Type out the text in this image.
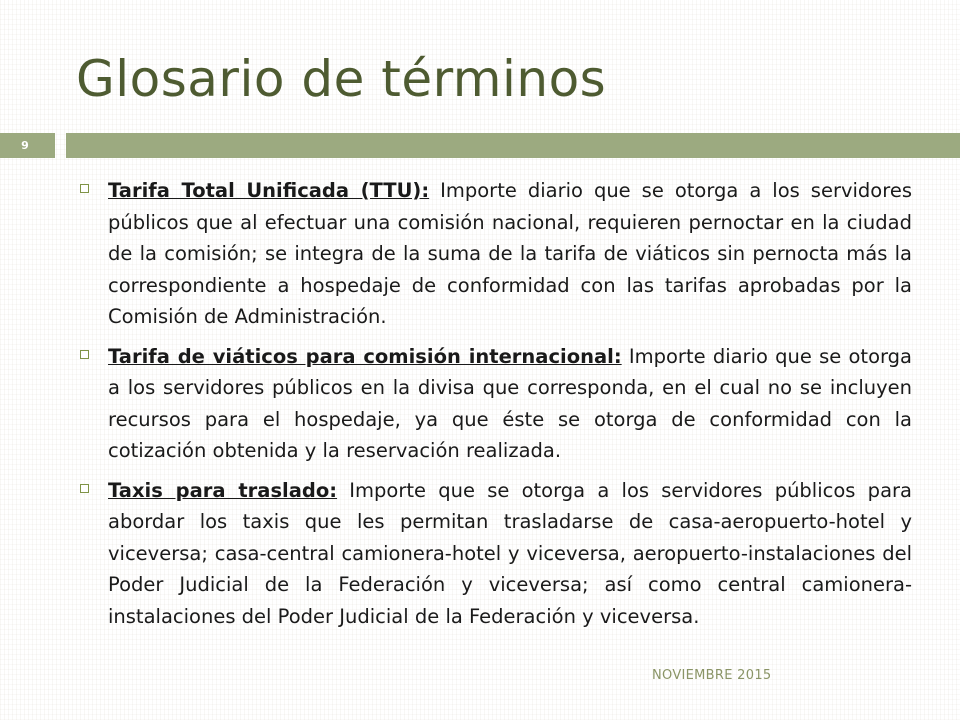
Glosario de términos
9
Tarifa Total Unificada (TTU): Importe diario que se otorga a los servidores públicos que al efectuar una comisión nacional, requieren pernoctar en la ciudad de la comisión; se integra de la suma de la tarifa de viáticos sin pernocta más la correspondiente a hospedaje de conformidad con las tarifas aprobadas por la Comisión de Administración.
Tarifa de viáticos para comisión internacional: Importe diario que se otorga a los servidores públicos en la divisa que corresponda, en el cual no se incluyen recursos para el hospedaje, ya que éste se otorga de conformidad con la cotización obtenida y la reservación realizada.
Taxis para traslado: Importe que se otorga a los servidores públicos para abordar los taxis que les permitan trasladarse de casa-aeropuerto-hotel y viceversa; casa-central camionera-hotel y viceversa, aeropuerto-instalaciones del Poder Judicial de la Federación y viceversa; así como central camionera-instalaciones del Poder Judicial de la Federación y viceversa.
NOVIEMBRE 2015
